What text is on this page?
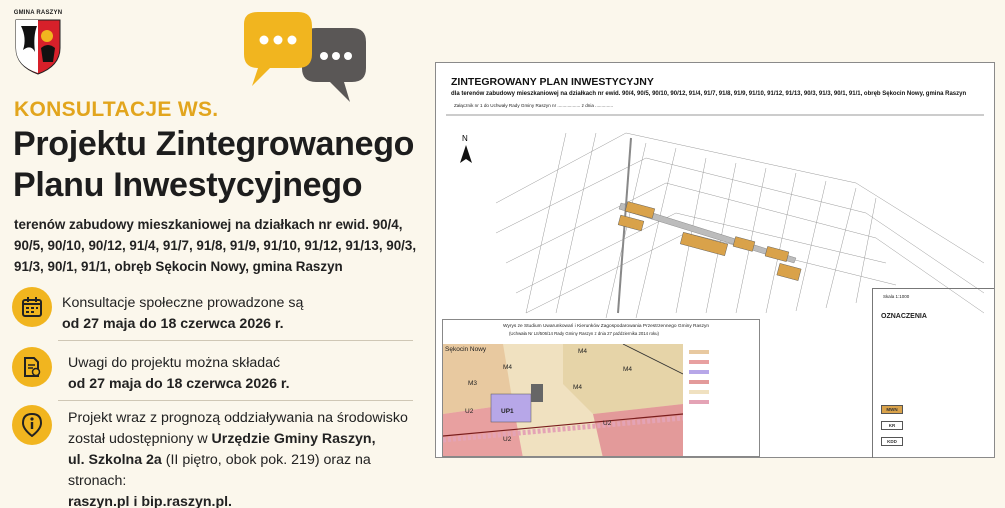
GMINA RASZYN
KONSULTACJE WS.
Projektu Zintegrowanego
Planu Inwestycyjnego
terenów zabudowy mieszkaniowej na działkach nr ewid. 90/4, 90/5, 90/10, 90/12, 91/4, 91/7, 91/8, 91/9, 91/10, 91/12, 91/13, 90/3, 91/3, 90/1, 91/1, obręb Sękocin Nowy, gmina Raszyn
Konsultacje społeczne prowadzone są
od 27 maja do 18 czerwca 2026 r.
Uwagi do projektu można składać
od 27 maja do 18 czerwca 2026 r.
Projekt wraz z prognozą oddziaływania na środowisko
został udostępniony w Urzędzie Gminy Raszyn,
ul. Szkolna 2a (II piętro, obok pok. 219) oraz na stronach:
raszyn.pl i bip.raszyn.pl.
ZINTEGROWANY PLAN INWESTYCYJNY
dla terenów zabudowy mieszkaniowej na działkach nr ewid. 90/4, 90/5, 90/10, 90/12, 91/4, 91/7, 91/8, 91/9, 91/10, 91/12, 91/13, 90/3, 91/3, 90/1, 91/1, obręb Sękocin Nowy, gmina Raszyn
Załącznik nr 1 do Uchwały Rady Gminy Raszyn nr .................. z dnia ..............
N
Skala 1:1000
OZNACZENIA
MWN
KR
KDD
Wyrys ze Studium Uwarunkowań i Kierunków Zagospodarowania Przestrzennego Gminy Raszyn
(Uchwała Nr LII/506/14 Rady Gminy Raszyn z dnia 27 października 2014 roku)
Sękocin Nowy	M4
M4
M3
M4
M4
U2
U2
U2
UP1
